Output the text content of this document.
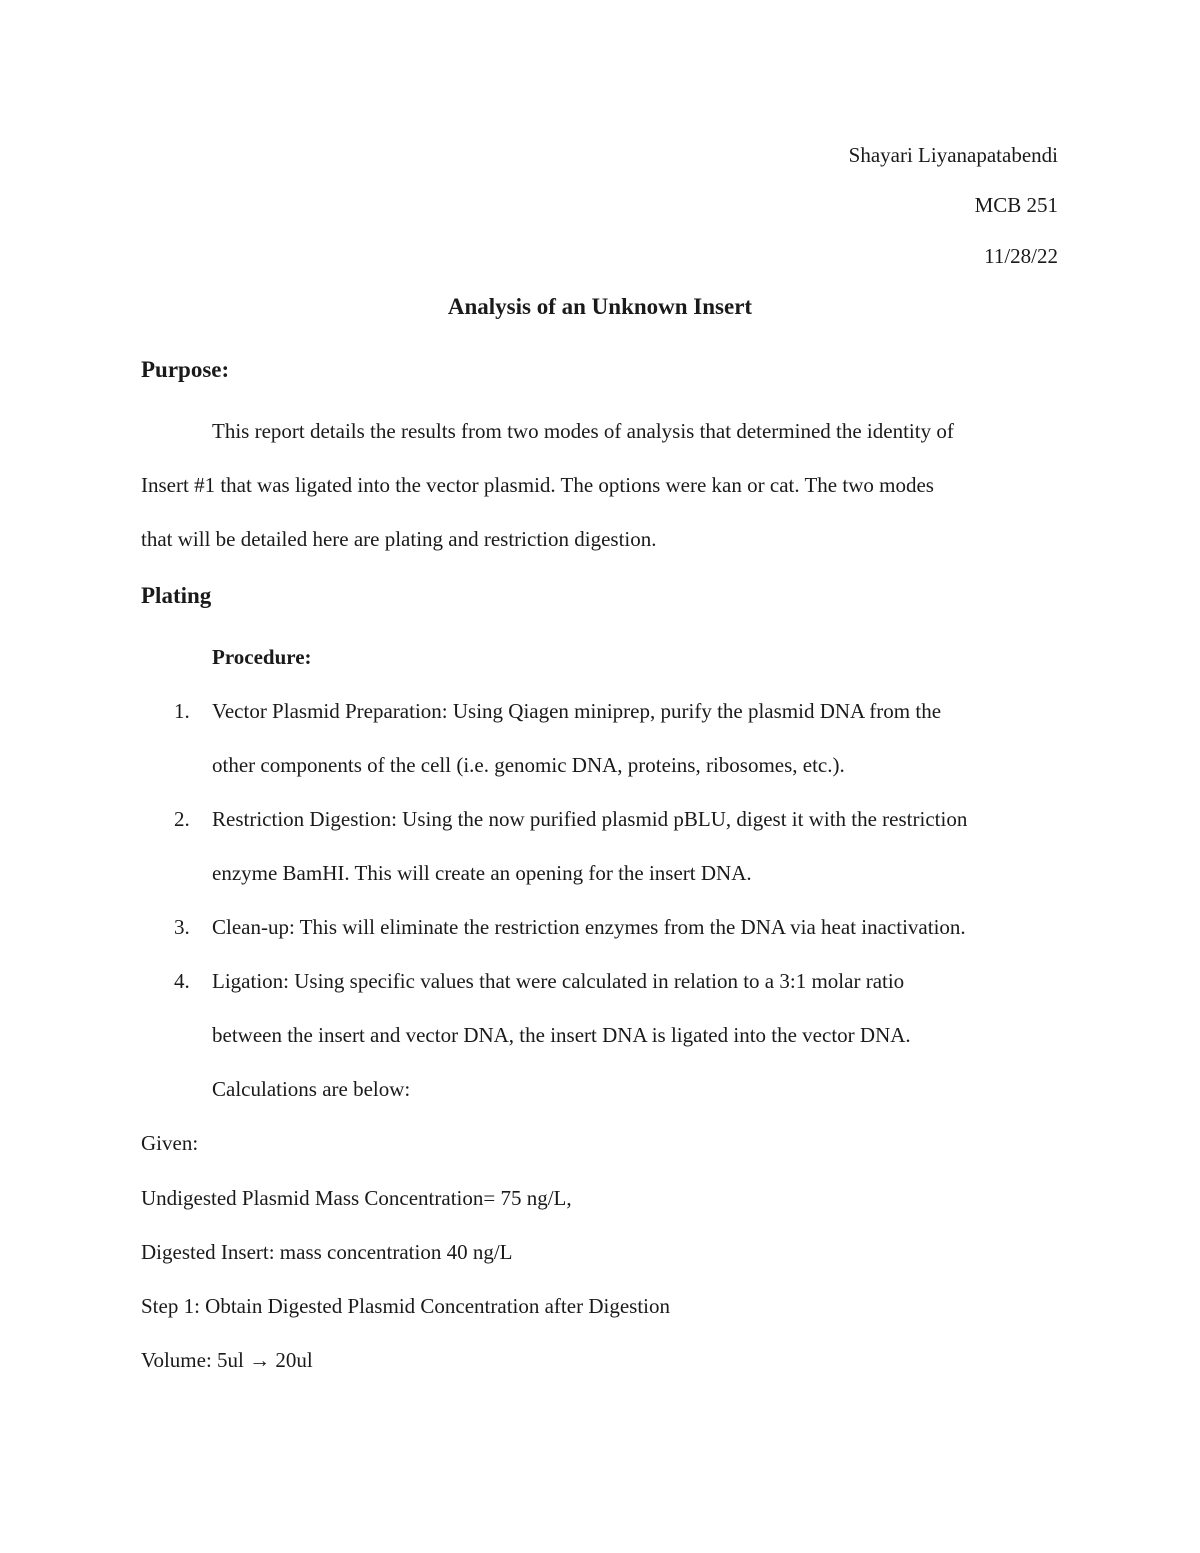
Shayari Liyanapatabendi
MCB 251
11/28/22
Analysis of an Unknown Insert
Purpose:
This report details the results from two modes of analysis that determined the identity of
Insert #1 that was ligated into the vector plasmid. The options were kan or cat. The two modes
that will be detailed here are plating and restriction digestion.
Plating
Procedure:
1. Vector Plasmid Preparation: Using Qiagen miniprep, purify the plasmid DNA from the
other components of the cell (i.e. genomic DNA, proteins, ribosomes, etc.).
2. Restriction Digestion: Using the now purified plasmid pBLU, digest it with the restriction
enzyme BamHI. This will create an opening for the insert DNA.
3. Clean-up: This will eliminate the restriction enzymes from the DNA via heat inactivation.
4. Ligation: Using specific values that were calculated in relation to a 3:1 molar ratio
between the insert and vector DNA, the insert DNA is ligated into the vector DNA.
Calculations are below:
Given:
Undigested Plasmid Mass Concentration= 75 ng/L,
Digested Insert: mass concentration 40 ng/L
Step 1: Obtain Digested Plasmid Concentration after Digestion
Volume: 5ul → 20ul
